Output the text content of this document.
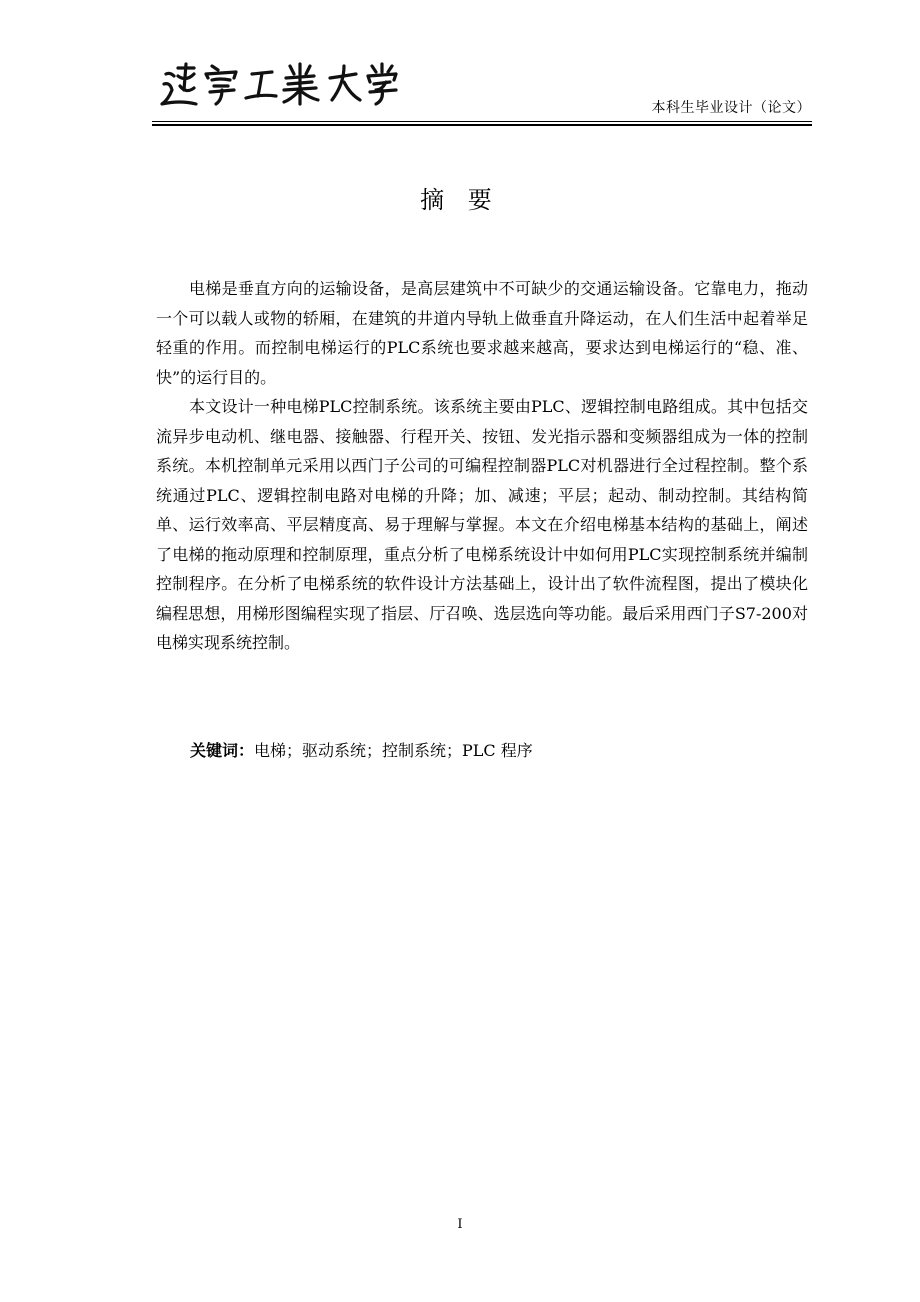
本科生毕业设计（论文）
摘 要

电梯是垂直方向的运输设备，是高层建筑中不可缺少的交通运输设备。它靠电力，拖动一个可以载人或物的轿厢，在建筑的井道内导轨上做垂直升降运动，在人们生活中起着举足轻重的作用。而控制电梯运行的PLC系统也要求越来越高，要求达到电梯运行的“稳、准、快”的运行目的。

本文设计一种电梯PLC控制系统。该系统主要由PLC、逻辑控制电路组成。其中包括交流异步电动机、继电器、接触器、行程开关、按钮、发光指示器和变频器组成为一体的控制系统。本机控制单元采用以西门子公司的可编程控制器PLC对机器进行全过程控制。整个系统通过PLC、逻辑控制电路对电梯的升降；加、减速；平层；起动、制动控制。其结构简单、运行效率高、平层精度高、易于理解与掌握。本文在介绍电梯基本结构的基础上，阐述了电梯的拖动原理和控制原理，重点分析了电梯系统设计中如何用PLC实现控制系统并编制控制程序。在分析了电梯系统的软件设计方法基础上，设计出了软件流程图，提出了模块化编程思想，用梯形图编程实现了指层、厅召唤、选层选向等功能。最后采用西门子S7-200对电梯实现系统控制。

关键词：电梯；驱动系统；控制系统；PLC 程序
I
